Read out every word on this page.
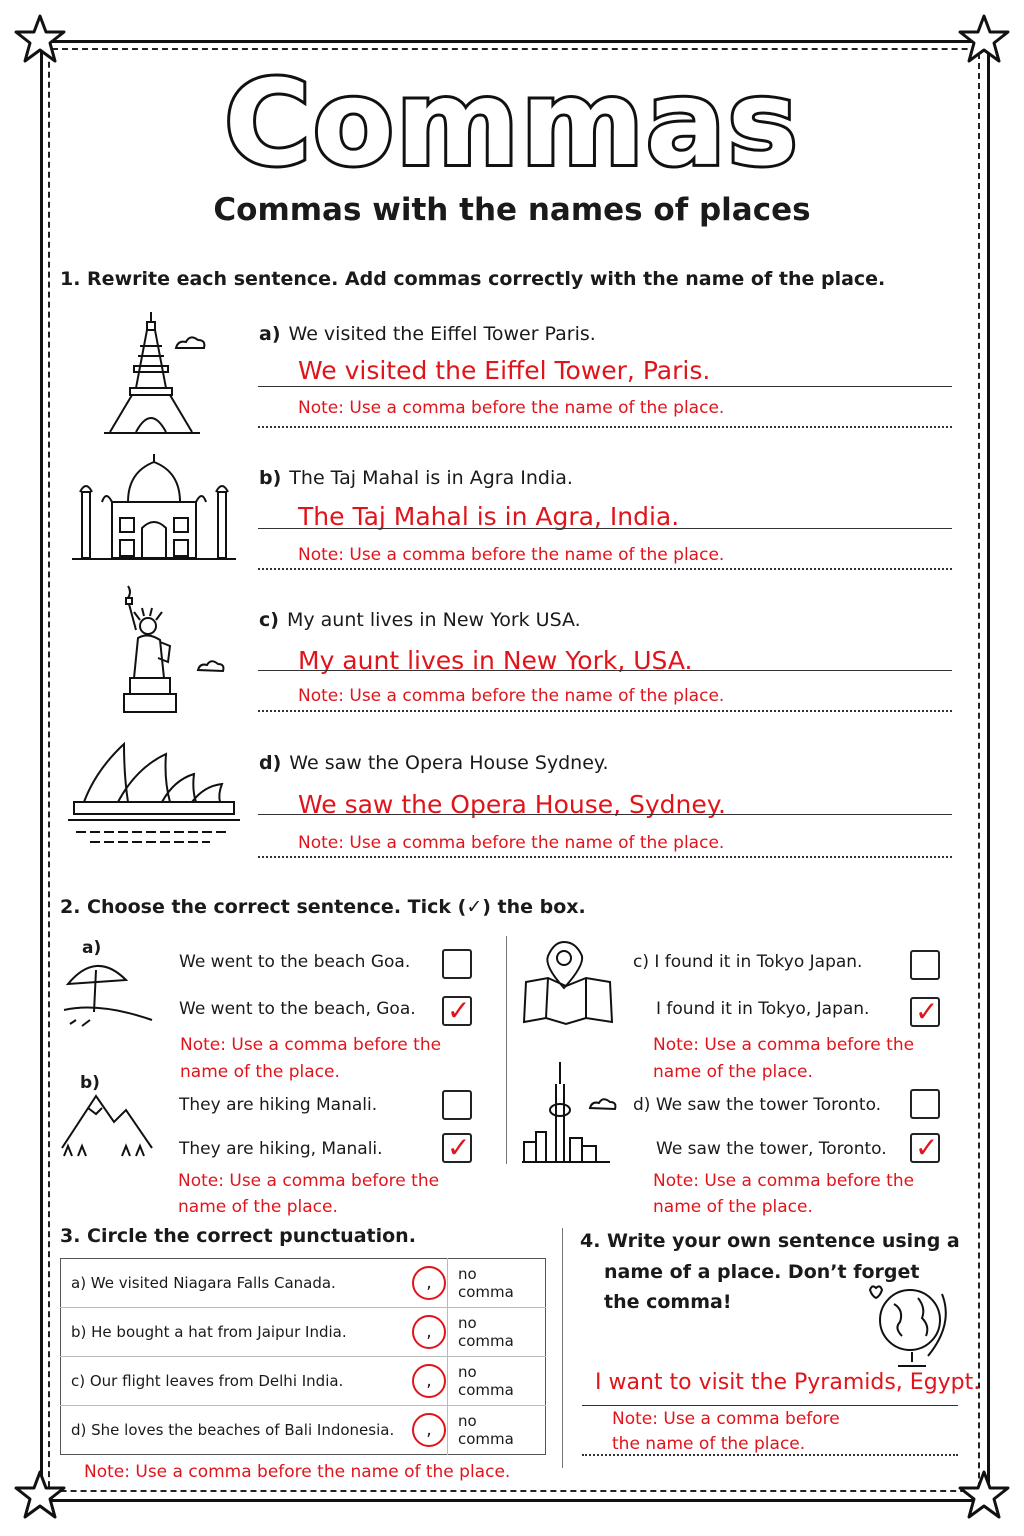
Commas
Commas with the names of places
1. Rewrite each sentence. Add commas correctly with the name of the place.
a) We visited the Eiffel Tower Paris.
We visited the Eiffel Tower, Paris.
Note: Use a comma before the name of the place.
b) The Taj Mahal is in Agra India.
The Taj Mahal is in Agra, India.
Note: Use a comma before the name of the place.
c) My aunt lives in New York USA.
My aunt lives in New York, USA.
Note: Use a comma before the name of the place.
d) We saw the Opera House Sydney.
We saw the Opera House, Sydney.
Note: Use a comma before the name of the place.
2. Choose the correct sentence. Tick (✓) the box.
a)
We went to the beach Goa.
We went to the beach, Goa. ✓
Note: Use a comma before the
name of the place.
b)
They are hiking Manali.
They are hiking, Manali. ✓
Note: Use a comma before the
name of the place.
c) I found it in Tokyo Japan.
I found it in Tokyo, Japan. ✓
Note: Use a comma before the
name of the place.
d) We saw the tower Toronto.
We saw the tower, Toronto. ✓
Note: Use a comma before the
name of the place.
3. Circle the correct punctuation.
a) We visited Niagara Falls Canada.	,	no comma
b) He bought a hat from Jaipur India.	,	no comma
c) Our flight leaves from Delhi India.	,	no comma
d) She loves the beaches of Bali Indonesia.	,	no comma
Note: Use a comma before the name of the place.
4. Write your own sentence using a
name of a place. Don’t forget
the comma!
I want to visit the Pyramids, Egypt.
Note: Use a comma before
the name of the place.
